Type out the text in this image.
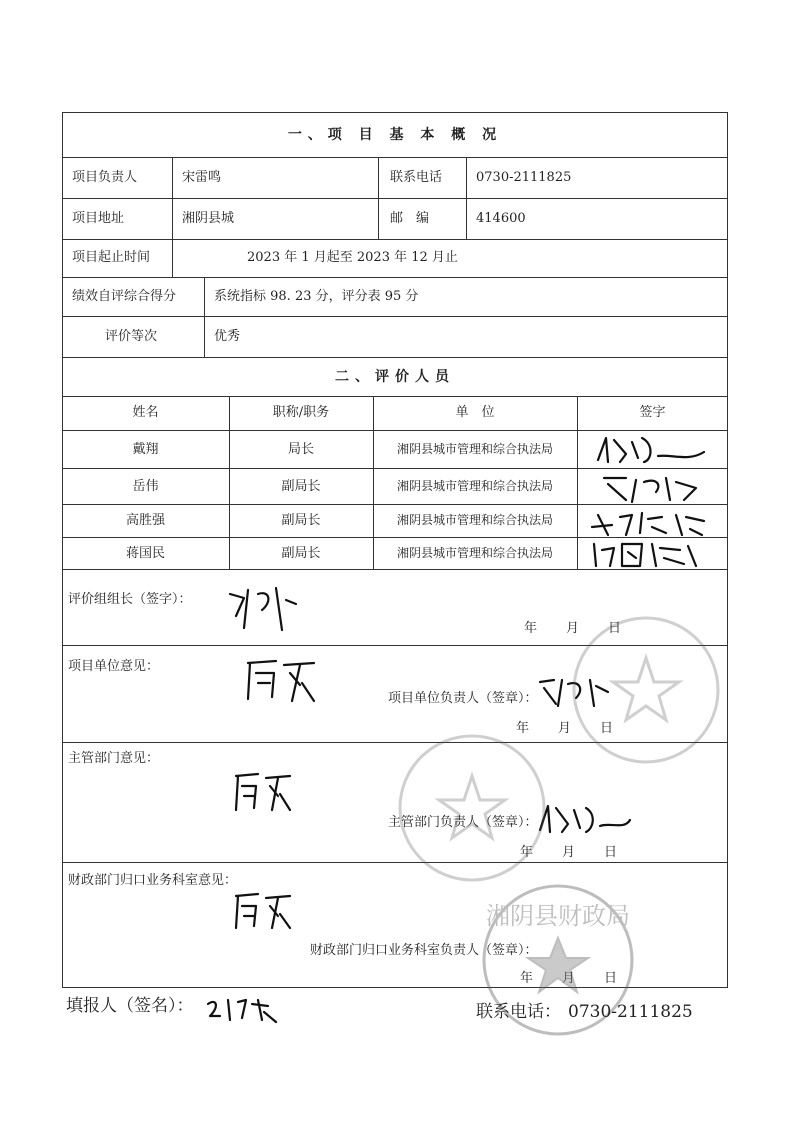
一、项 目 基 本 概 况
项目负责人	宋雷鸣	联系电话	0730-2111825
项目地址	湘阴县城	邮　编	414600
项目起止时间	2023 年 1 月起至 2023 年 12 月止
绩效自评综合得分	系统指标 98. 23 分，评分表 95 分
评价等次	优秀
二、评价人员
姓名	职称/职务	单　位	签字
戴翔	局长	湘阴县城市管理和综合执法局
岳伟	副局长	湘阴县城市管理和综合执法局
高胜强	副局长	湘阴县城市管理和综合执法局
蒋国民	副局长	湘阴县城市管理和综合执法局
评价组组长（签字）：
年　　月　　日
项目单位意见：
项目单位负责人（签章）：
年　　月　　日
主管部门意见：
主管部门负责人（签章）：
年　　月　　日
财政部门归口业务科室意见：
财政部门归口业务科室负责人（签章）：
年　　月　　日
湘阴县财政局
填报人（签名）：	联系电话： 0730-2111825
